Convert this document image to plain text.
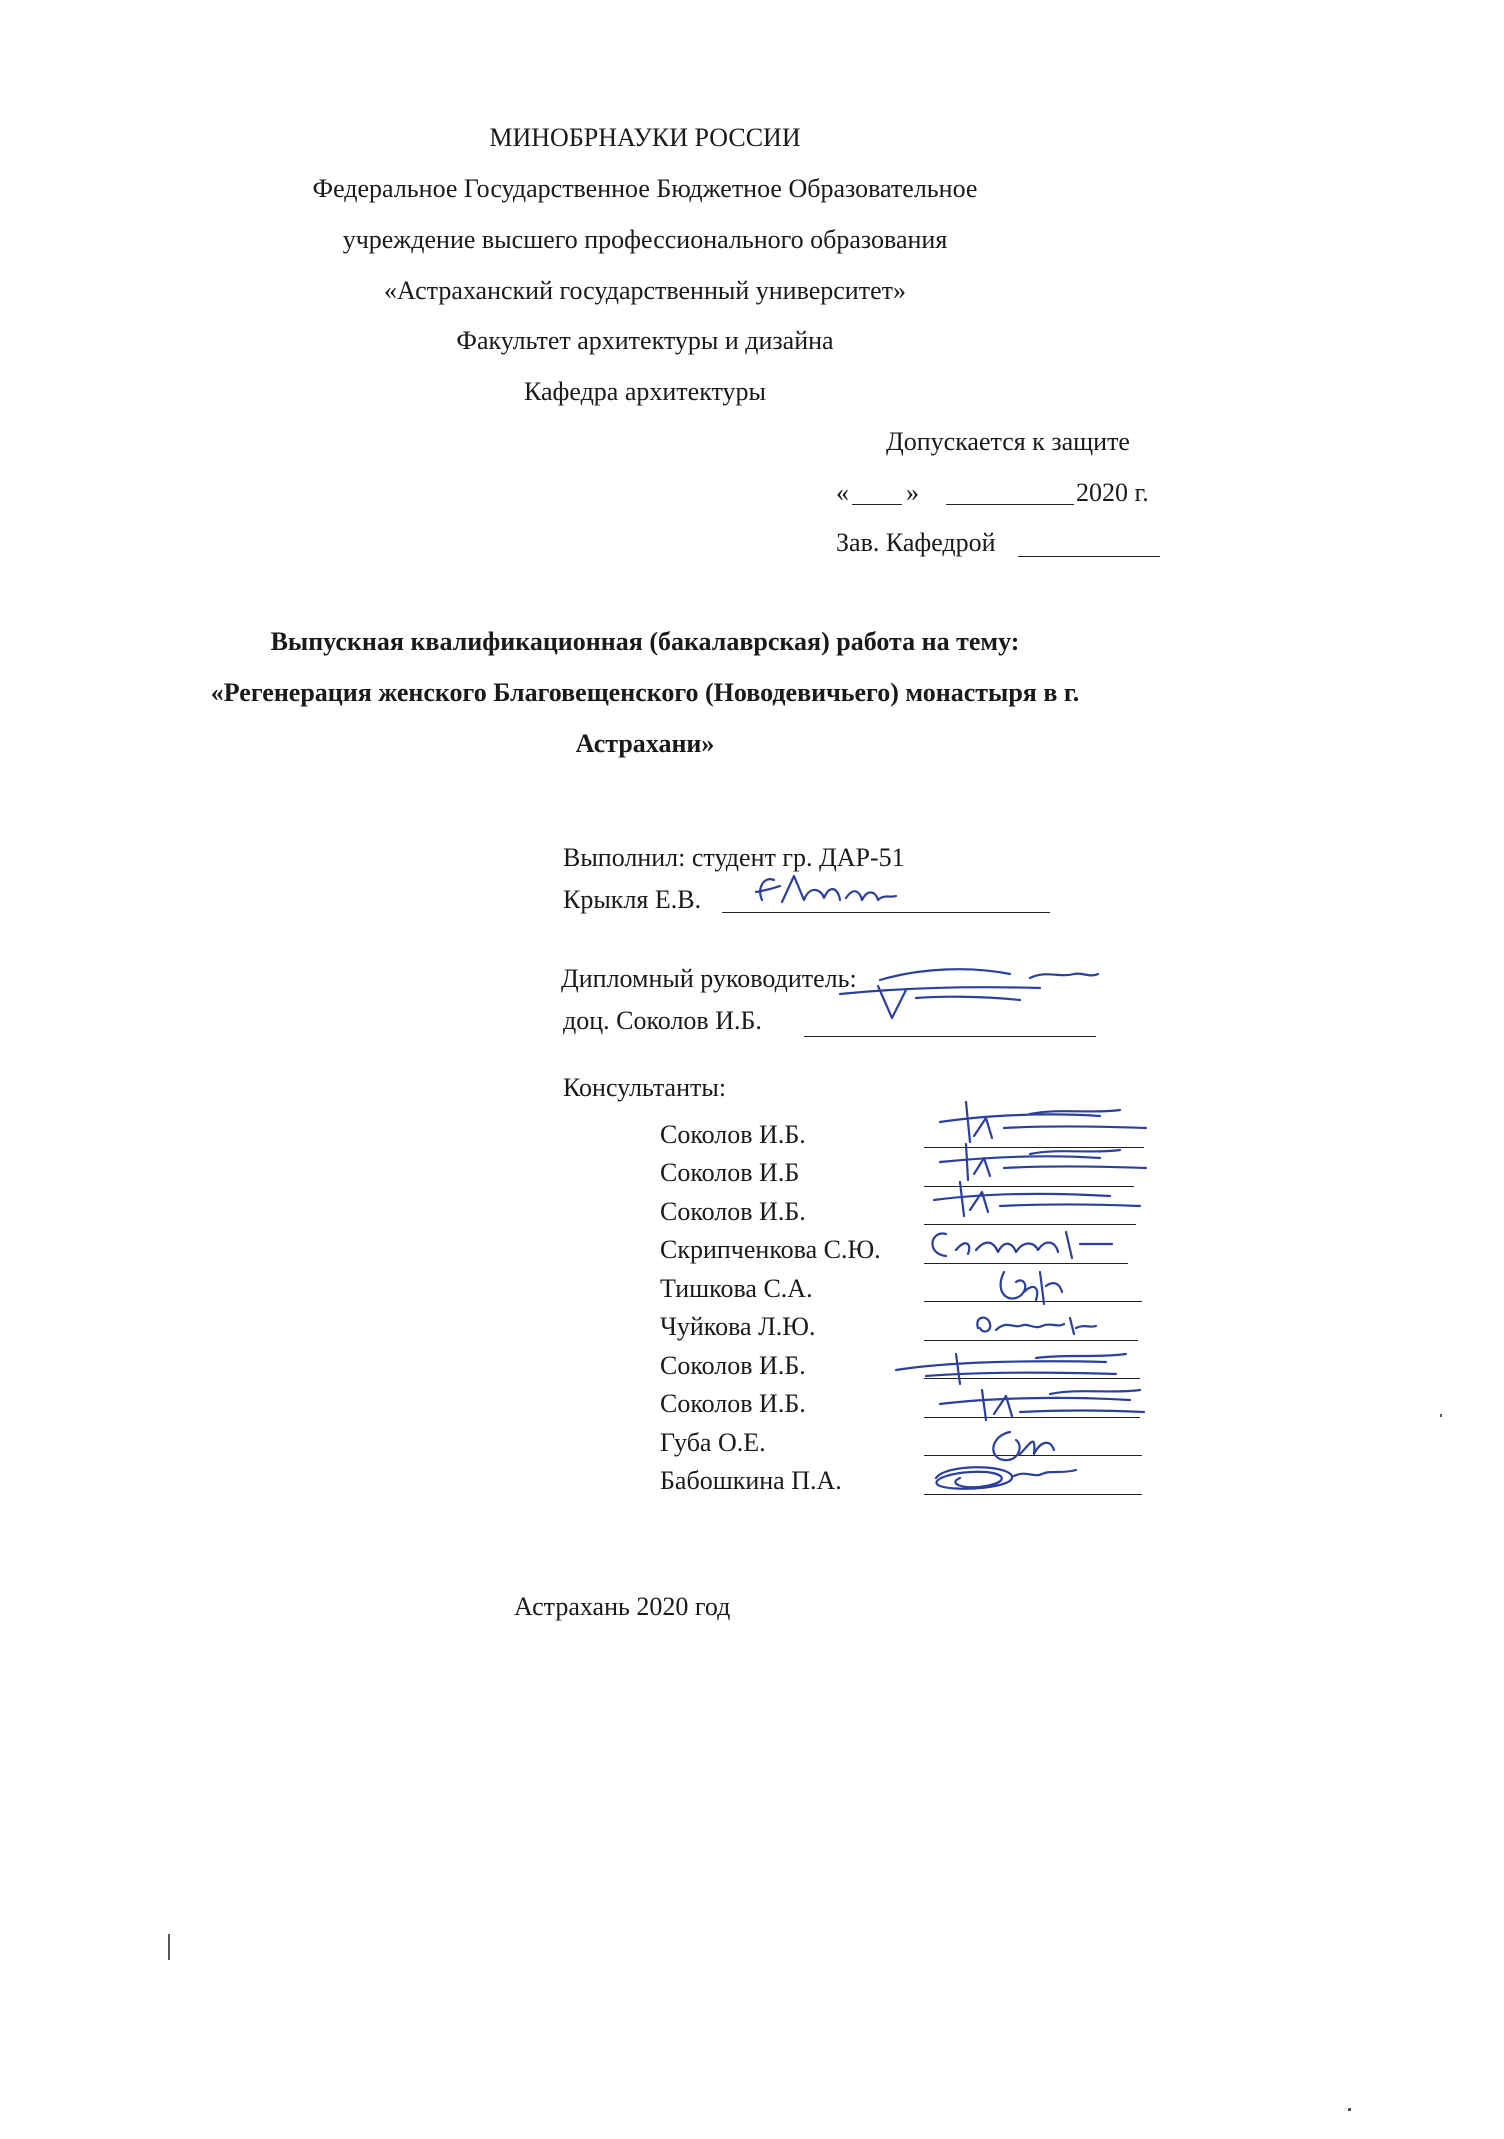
МИНОБРНАУКИ РОССИИ
Федеральное Государственное Бюджетное Образовательное
учреждение высшего профессионального образования
«Астраханский государственный университет»
Факультет архитектуры и дизайна
Кафедра архитектуры
Допускается к защите
« »	2020 г.
Зав. Кафедрой
Выпускная квалификационная (бакалаврская) работа на тему:
«Регенерация женского Благовещенского (Новодевичьего) монастыря в г.
Астрахани»
Выполнил: студент гр. ДАР-51
Крыкля Е.В.
Дипломный руководитель:
доц. Соколов И.Б.
Консультанты:
Соколов И.Б.
Соколов И.Б
Соколов И.Б.
Скрипченкова С.Ю.
Тишкова С.А.
Чуйкова Л.Ю.
Соколов И.Б.
Соколов И.Б.
Губа О.Е.
Бабошкина П.А.
Астрахань 2020 год
